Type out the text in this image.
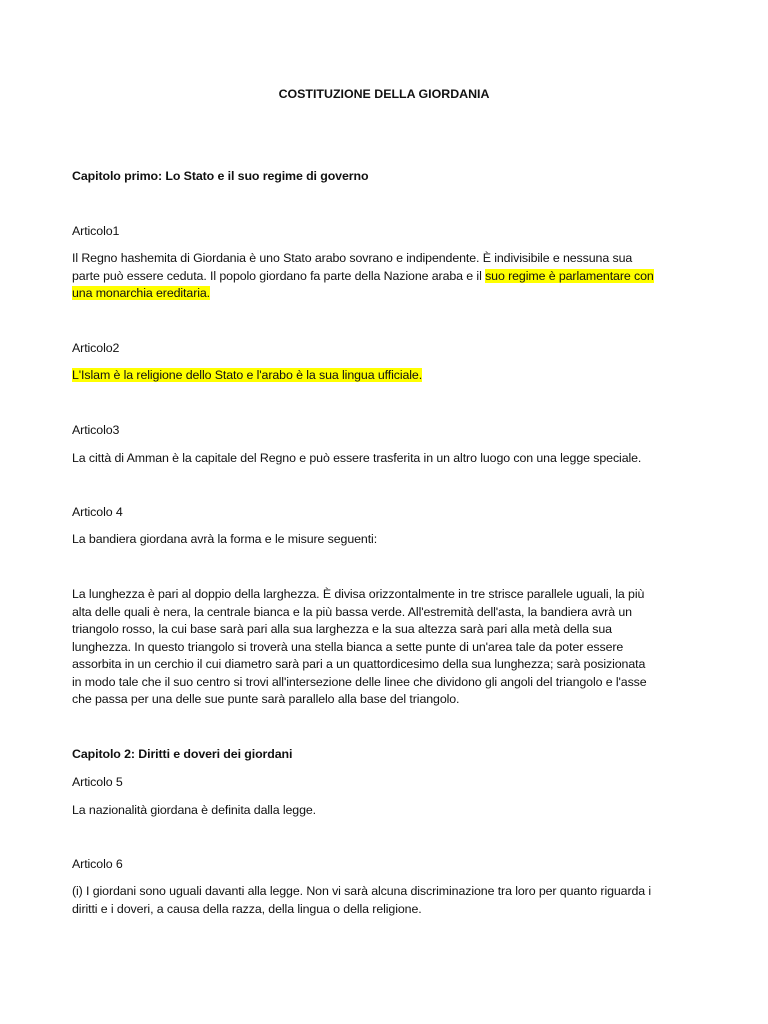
COSTITUZIONE DELLA GIORDANIA
Capitolo primo: Lo Stato e il suo regime di governo
Articolo1
Il Regno hashemita di Giordania è uno Stato arabo sovrano e indipendente. È indivisibile e nessuna sua
parte può essere ceduta. Il popolo giordano fa parte della Nazione araba e il suo regime è parlamentare con
una monarchia ereditaria.
Articolo2
L'Islam è la religione dello Stato e l'arabo è la sua lingua ufficiale.
Articolo3
La città di Amman è la capitale del Regno e può essere trasferita in un altro luogo con una legge speciale.
Articolo 4
La bandiera giordana avrà la forma e le misure seguenti:
La lunghezza è pari al doppio della larghezza. È divisa orizzontalmente in tre strisce parallele uguali, la più
alta delle quali è nera, la centrale bianca e la più bassa verde. All'estremità dell'asta, la bandiera avrà un
triangolo rosso, la cui base sarà pari alla sua larghezza e la sua altezza sarà pari alla metà della sua
lunghezza. In questo triangolo si troverà una stella bianca a sette punte di un'area tale da poter essere
assorbita in un cerchio il cui diametro sarà pari a un quattordicesimo della sua lunghezza; sarà posizionata
in modo tale che il suo centro si trovi all'intersezione delle linee che dividono gli angoli del triangolo e l'asse
che passa per una delle sue punte sarà parallelo alla base del triangolo.
Capitolo 2: Diritti e doveri dei giordani
Articolo 5
La nazionalità giordana è definita dalla legge.
Articolo 6
(i) I giordani sono uguali davanti alla legge. Non vi sarà alcuna discriminazione tra loro per quanto riguarda i
diritti e i doveri, a causa della razza, della lingua o della religione.
